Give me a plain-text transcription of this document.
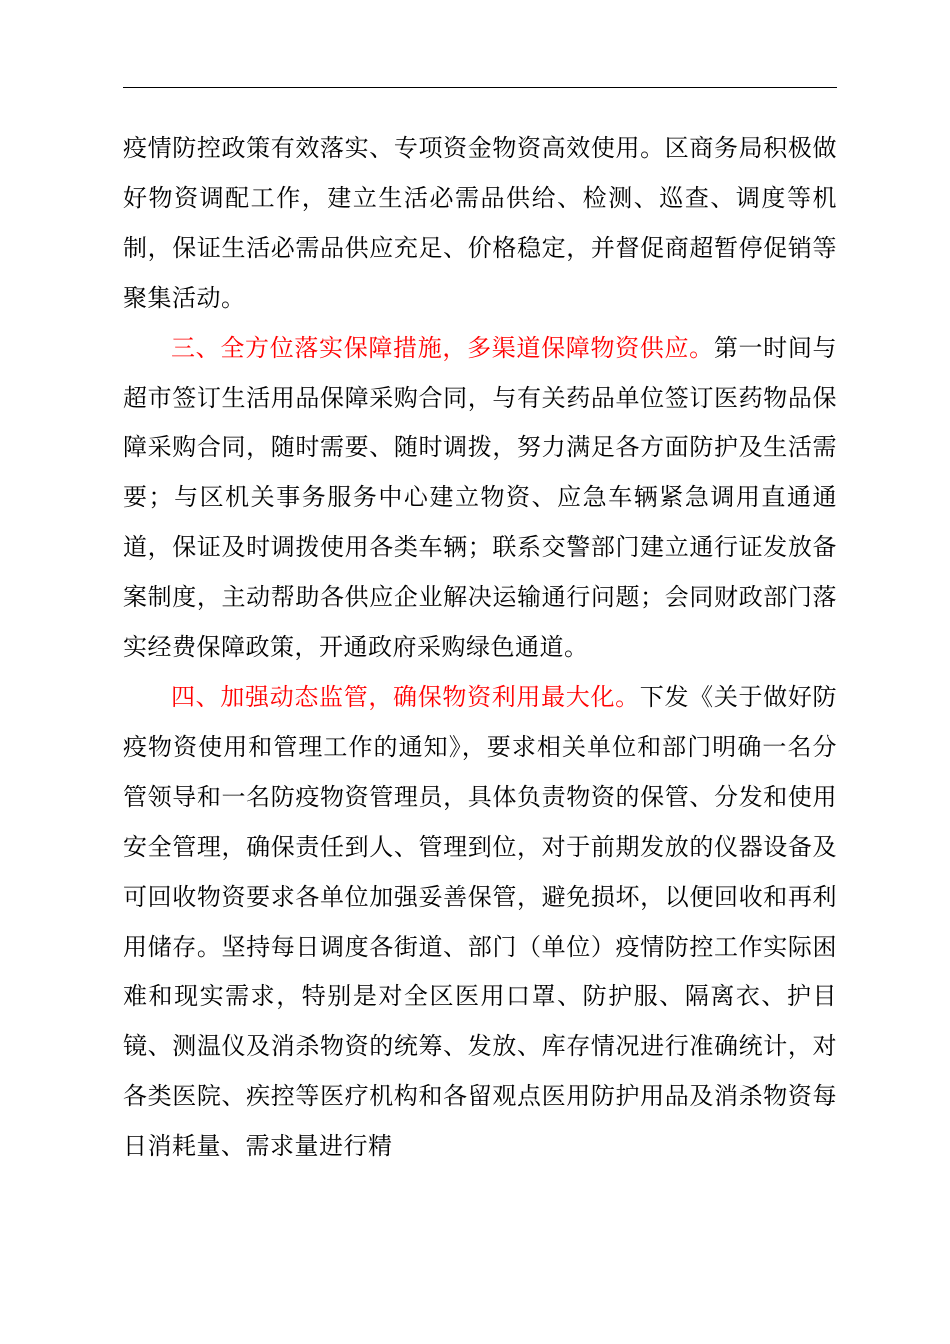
疫情防控政策有效落实、专项资金物资高效使用。区商务局积极做好物资调配工作，建立生活必需品供给、检测、巡查、调度等机制，保证生活必需品供应充足、价格稳定，并督促商超暂停促销等聚集活动。

三、全方位落实保障措施，多渠道保障物资供应。第一时间与超市签订生活用品保障采购合同，与有关药品单位签订医药物品保障采购合同，随时需要、随时调拨，努力满足各方面防护及生活需要；与区机关事务服务中心建立物资、应急车辆紧急调用直通通道，保证及时调拨使用各类车辆；联系交警部门建立通行证发放备案制度，主动帮助各供应企业解决运输通行问题；会同财政部门落实经费保障政策，开通政府采购绿色通道。

四、加强动态监管，确保物资利用最大化。下发《关于做好防疫物资使用和管理工作的通知》，要求相关单位和部门明确一名分管领导和一名防疫物资管理员，具体负责物资的保管、分发和使用安全管理，确保责任到人、管理到位，对于前期发放的仪器设备及可回收物资要求各单位加强妥善保管，避免损坏，以便回收和再利用储存。坚持每日调度各街道、部门（单位）疫情防控工作实际困难和现实需求，特别是对全区医用口罩、防护服、隔离衣、护目镜、测温仪及消杀物资的统筹、发放、库存情况进行准确统计，对各类医院、疾控等医疗机构和各留观点医用防护用品及消杀物资每日消耗量、需求量进行精
